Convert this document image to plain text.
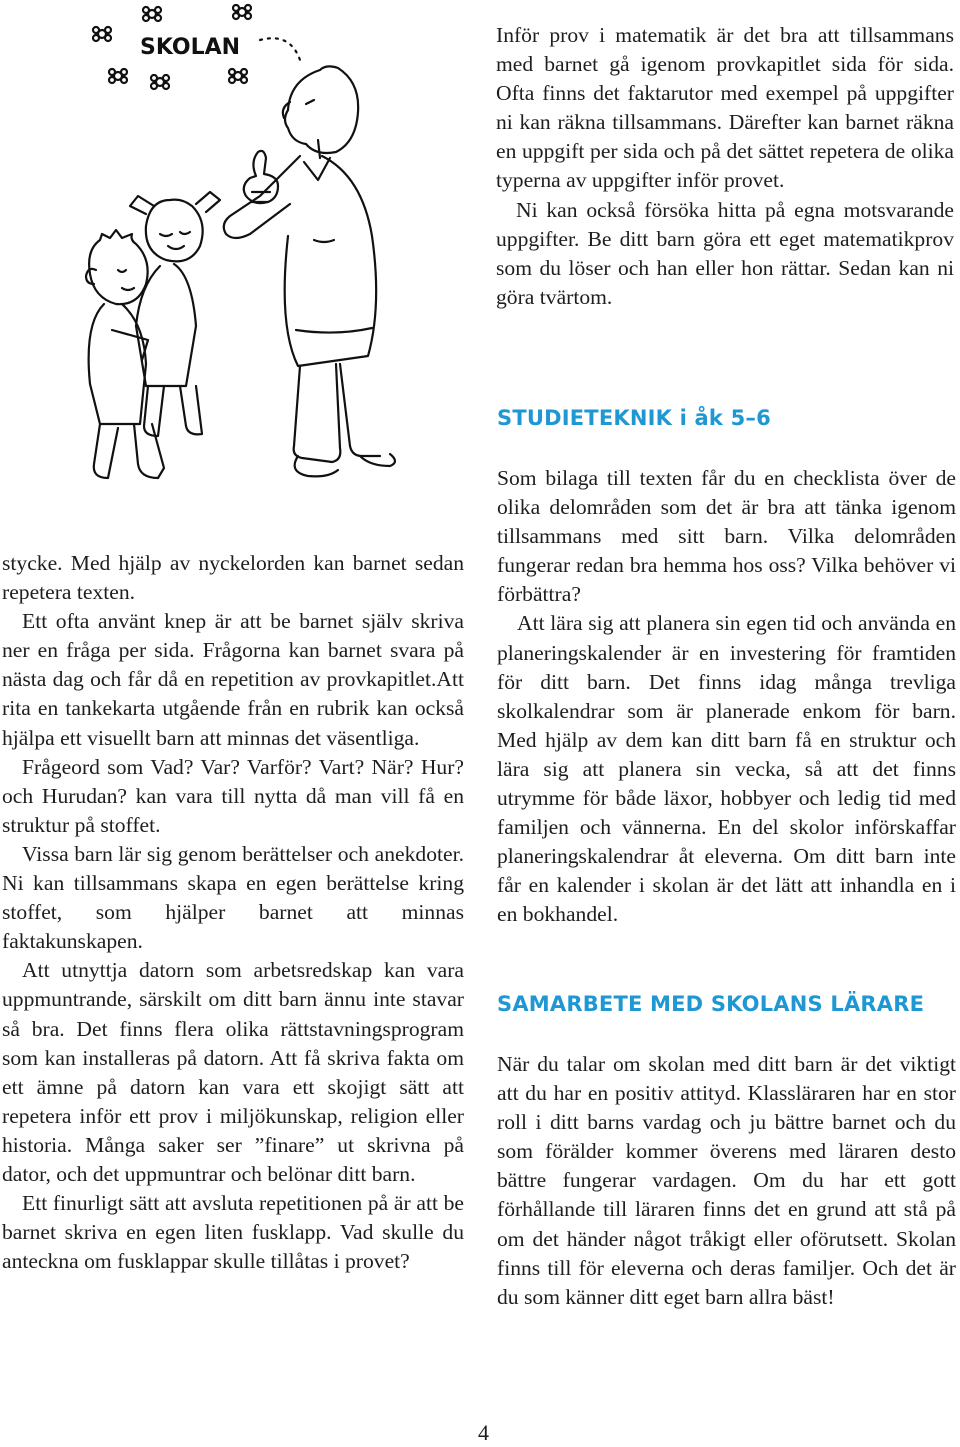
SKOLAN	Inför prov i matematik är det bra att tillsammans med barnet gå igenom provkapitlet sida för sida. Ofta finns det faktarutor med exempel på uppgifter ni kan räkna tillsammans. Därefter kan barnet räkna en uppgift per sida och på det sättet repetera de olika typerna av uppgifter inför provet.

Ni kan också försöka hitta på egna motsvarande uppgifter. Be ditt barn göra ett eget matematikprov som du löser och han eller hon rättar. Sedan kan ni göra tvärtom.

STUDIETEKNIK i åk 5–6

stycke. Med hjälp av nyckelorden kan barnet sedan repetera texten.

Ett ofta använt knep är att be barnet själv skriva ner en fråga per sida. Frågorna kan barnet svara på nästa dag och får då en repetition av provkapitlet.Att rita en tankekarta utgående från en rubrik kan också hjälpa ett visuellt barn att minnas det väsentliga.

Frågeord som Vad? Var? Varför? Vart? När? Hur? och Hurudan? kan vara till nytta då man vill få en struktur på stoffet.

Vissa barn lär sig genom berättelser och anekdoter. Ni kan tillsammans skapa en egen berättelse kring stoffet, som hjälper barnet att minnas faktakunskapen.

Att utnyttja datorn som arbetsredskap kan vara uppmuntrande, särskilt om ditt barn ännu inte stavar så bra. Det finns flera olika rättstavningsprogram som kan installeras på datorn. Att få skriva fakta om ett ämne på datorn kan vara ett skojigt sätt att repetera inför ett prov i miljökunskap, religion eller historia. Många saker ser ”finare” ut skrivna på dator, och det uppmuntrar och belönar ditt barn.

Ett finurligt sätt att avsluta repetitionen på är att be barnet skriva en egen liten fusklapp. Vad skulle du anteckna om fusklappar skulle tillåtas i provet?

Som bilaga till texten får du en checklista över de olika delområden som det är bra att tänka igenom tillsammans med sitt barn. Vilka delområden fungerar redan bra hemma hos oss? Vilka behöver vi förbättra?

Att lära sig att planera sin egen tid och använda en planeringskalender är en investering för framtiden för ditt barn. Det finns idag många trevliga skolkalendrar som är planerade enkom för barn. Med hjälp av dem kan ditt barn få en struktur och lära sig att planera sin vecka, så att det finns utrymme för både läxor, hobbyer och ledig tid med familjen och vännerna. En del skolor införskaffar planeringskalendrar åt eleverna. Om ditt barn inte får en kalender i skolan är det lätt att inhandla en i en bokhandel.

SAMARBETE MED SKOLANS LÄRARE

När du talar om skolan med ditt barn är det viktigt att du har en positiv attityd. Klassläraren har en stor roll i ditt barns vardag och ju bättre barnet och du som förälder kommer överens med läraren desto bättre fungerar vardagen. Om du har ett gott förhållande till läraren finns det en grund att stå på om det händer något tråkigt eller oförutsett. Skolan finns till för eleverna och deras familjer. Och det är du som känner ditt eget barn allra bäst!

4
